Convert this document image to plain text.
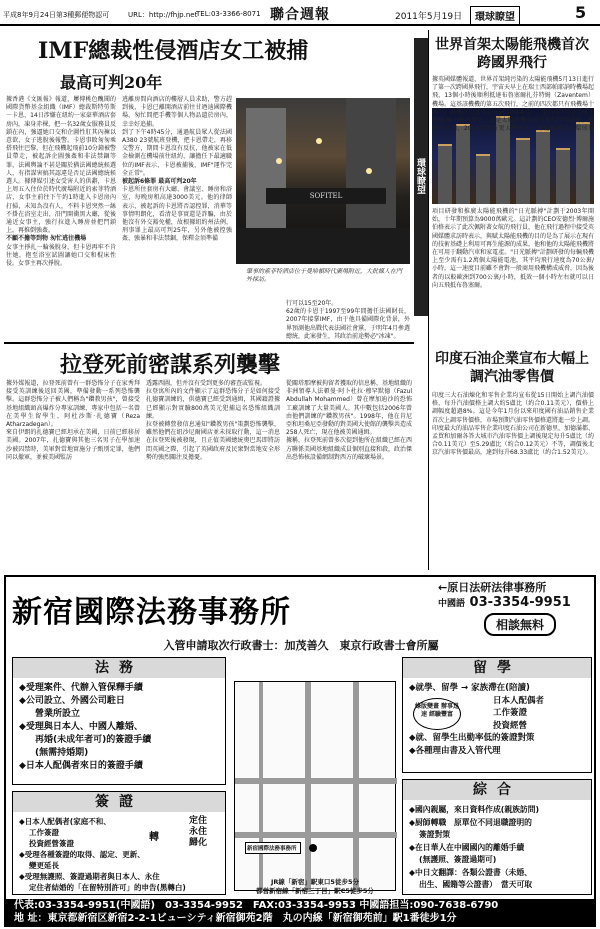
平成8年9月24日第3種郵便物認可	URL：http://fhjp.net
TEL:03-3366-8071 聯合週報	2011年5月19日	環球瞭望	5
IMF總裁性侵酒店女工被捕
最高可判20年
據香港《文匯報》報道，屢傳桃色醜聞的國際貨幣基金組織（IMF）總裁斯特勞斯－卡恩，14日涉嫌在紐約一家豪華酒店套房內，凍身赤裸，把一名32歲女服務員反鎖在內，強逼她口交和企圖性肛其內褲以意欲，女子逃脫後報警。卡恩事敗匆匆乘搭飛往巴黎，但在飛機起飛前10分鐘被警員帶走，被起訴企圖強姦和非法禁錮等罪，法國輿論不甚是關於猶法國總統候選人，有指謀害搞其認違是否足法國總統候選人。據傳媒引述女受害人的供辭，卡恩上周五入住位於時代廣場附近的索菲特酒店，女事主前往下午約1時進入卡恩房內打掃，未知為沒有人，不料卡恩突然一絲不掛在浴室走出，沿門開衝黑大廳，從後通近女事主，強行拉進入睡房並把門鎖上，再推倒強姦。
不顧不擔等到物 匆忙逃往機場
女事主掙扎一輪後脫身，但卡恩再牢不肯往她，抱至浴室試圖讓她口交和棍床性侵。女事主再次掙脫。
逃離房間向酒店的樓層人員求助，警方趕到後，卡恩已離開酒店前往甘迺迪國際機場，匆忙間把手機等個人物品遺於房內，幸幸好追捕。
到了下午4時45分，通過航員眾人從法國A380 23號航班登機，把卡恩帶走，再移交警方，期間卡恩沒有反抗，他被家在低金檢測在機場前往紐約，讓擔任下最適職位的IMF表示，卡恩被捕後，IMF"運作完全正常"。
被起訴6條罪 最高可判20年
卡恩所住套房有大廳、會議室、睡房和浴室，每晚房租高達3000美元。他的律師表示，被起訴的卡恩將否認控罪，消華等事情明朗化，看清是事實還是詐騙，由於他沒有外交豁免權，故根據紐約州法例，刑事罪上最高可判25年，另外他被控強姦、強暴和非法禁錮，保釋金須準備
SOFITEL
肇事的索菲特酒店位于曼哈頓時代廣場附近，大批媒人在門外採訪。
行可以15至20年。
62歲的卡恩于1997至99年間擔任法國財長，2007年接掌IMF，由于他具備國際化背景，外界預測他出戰代表法國社會黨，于明年4月參選總統，此案發生，其政治前途勢必"冰凍"。
拉登死前密謀系列襲擊
據外媒報道，拉登死前曾有一群恐怖分子在家秀拜接受英訓練後返回美國，準備發動一系列恐怖襲擊。這群恐怖分子被人們稱為"鑽教男孩"，曾接受基地組織頭高爆炸分專家訓練，專家中包括一名曾在美學生留學生、阿杜沙斯·扎德寶（Reza Atharzadegan）。
來自伊朗的扎德寶已經坦承在美國，日前已經移居美國。2007年，扎德寶與其他三名男子在學加速沙被囚禁時，美軍對當地實施分子甄別定罪，他們同以撤軍，並被美國監訪
透露西圖，但并沒有受到更多的審查或監視。
拉登寓所內的文件顯示了這群恐怖分子是如何接受扎德寶訓練的，供德寶已經受到通緝，其國籍證據已經顯示對實驗800萬美元犯捕這名恐怖組織訓練。
拉登被轉營發信息通知"鑽教男孩"策劃恐怖襲擊，雖然他們在紐沙尼爾國店並未採取行動，這一消息在拉登死後被發現，且正值美國總統奧巴馬即將訪問英國之際，引起了英國政府及民衆對當地安全形勢的強烈關注及擔憂。
從關塔那摩被拘留者獲取的信息稱，基地組織的非洲領導人法頓曼·阿卜杜拉·穆罕默德（Fazul Abdullah Mohammed）曾在摩加迪沙的恐怖工廠訓練了大量美國人。其中數包括2006年曾由他們訓練的"鑽教男孩"。1998年，他在肯尼亞和坦桑尼亞發動的對美國大使館的襲擊共造成258人死亡，現在他被美國通緝。
據稱，拉登死前曾多次提到他所在組織已經在西方聯係美國基地組織成員個別直接和殺，政治傑出恐怖核設備網制對西方的破壞場景。
環球瞭望
世界首架太陽能飛機首次跨國界飛行
據英國媒體報道，世界首架純污染的太陽能飛機5月13日進行了第一次跨國界飛行，宇宙天早上在瑞士西部帕耶訥時機場起飛，13個小時後順利抵達布魯塞爾扎芬特姆（Zaventem）機場。這基該機機的第五次飛行，之前的四次都只有飛機場十同等。該機首次試飛是在2010年4月，三至行的7月份完成了連續26小時的飛行，這是太陽能機的最高飛行時間記錄。據研發計劃，2013年將有更大機型的太陽能飛機完成環球飛行。
項目研發和推廣太陽能飛機的"日光脈搏"計劃于2003年開始，十年期預算為9000萬歐元。這計劃的CEO安德烈·博爾施伯格表示了此次佩附著女航的飛行員，他在飛行過程中接受英國媒體求訪時表示，與賦太陽能飛機的目的是為了展示在現有的技術基礎上利用可再生能源的成果，他和他的太陽能飛機將在可用于翻動汽車和家電產。"日光脈搏"計劃研發的每輛飛機上至少需有1.2萬個太陽能電池，其平均飛行速度為70公裏/小時，這一速度目前雖不會對一般商用飛機構成威脅，因為後者的以較歐洲到700公裏/小時，抵效一個小時左右就可以日向五飛抵布魯塞爾。
印度石油企業宣布大幅上調汽油零售價
印度三大石油煉化和零售企業均宣布從15日開始上調汽油價格，每升汽油價格上調大約5盧比（約合0.11美元），價格上調幅度超過8%。這是今年1月份以來印度國有油品銷售企業首次上調零售價格，市場預期汽油零售價格還將進一步上調。印度最大的油品零售企業印度石油公司在新德里，加德滿都、孟買和加爾各答大城市汽油零售價上調後現定每升5盧比（約合0.11美元）至5.29盧比（約合0.12美元）不等，調價後北京汽油零售價最高，達到每升68.33盧比（約合1.52美元）。
新宿國際法務事務所
←原日法研法律事務所
中國語 03-3354-9951
相談無料
入管申請取次行政書士：加茂善久　東京行政書士會所屬
法務
◆受理案件、代辦入管保釋手續
◆公司設立、外國公司駐日
營業所設立
◆受理與日本人、中國人離婚、
再婚(未成年者可)的簽證手續
(無需持婚期)
◆日本人配偶者來日的簽證手續
簽證
◆日本人配偶者(家庭不和、
工作簽證
投資經營簽證
◆受理各種簽證的取得、認定、更新、
變更延長
◆受理無護照、簽證過期者與日本人、永住
定住者結婚的「在留特別許可」的申告(黑轉白)
轉
定住 永住 歸化
新宿國際法務事務所
JR線「新宿」駅東口5徒步5分
都営新宿線「新宿三丁目」駅C5徒步5分
留學
◆就學、留學 → 家族滯在(陪讀)
日本人配偶者
工作簽證
投資經營
◆就、留學生出勤率低的簽證對策
◆各種理由書及入管代理
綠版變畫 辦事迅速 經驗豐富
綜合
◆國內親屬，來日資料作成(親族訪問)
◆厨師轉職　原單位不同退職證明的
簽證對策
◆在日華人在中國國內的離婚手續
(無護照、簽證過期可)
◆中日文翻譯：各類公證書（未婚、
出生、國籍等公證書）　當天可取
代表:03-3354-9951(中國語)　03-3354-9952　FAX:03-3354-9953 中國語担当:090-7638-6790
地 址：東京都新宿区新宿2-2-1ビューシティ新宿御苑2階　丸の内線「新宿御苑前」駅1番徒步1分
